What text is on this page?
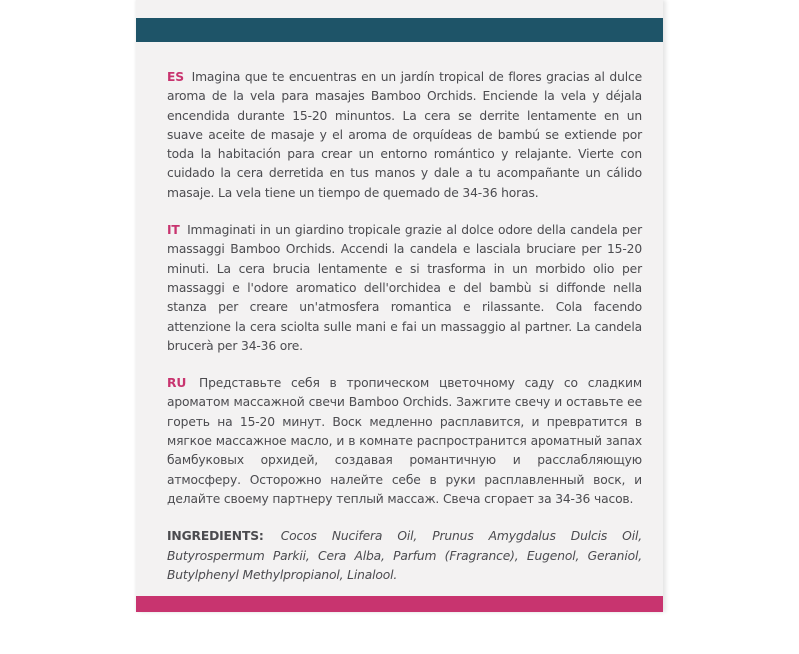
ES Imagina que te encuentras en un jardín tropical de flores gracias al dulce aroma de la vela para masajes Bamboo Orchids. Enciende la vela y déjala encendida durante 15-20 minuntos. La cera se derrite lentamente en un suave aceite de masaje y el aroma de orquídeas de bambú se extiende por toda la habitación para crear un entorno romántico y relajante. Vierte con cuidado la cera derretida en tus manos y dale a tu acompañante un cálido masaje. La vela tiene un tiempo de quemado de 34-36 horas.

IT Immaginati in un giardino tropicale grazie al dolce odore della candela per massaggi Bamboo Orchids. Accendi la candela e lasciala bruciare per 15-20 minuti. La cera brucia lentamente e si trasforma in un morbido olio per massaggi e l'odore aromatico dell'orchidea e del bambù si diffonde nella stanza per creare un'atmosfera romantica e rilassante. Cola facendo attenzione la cera sciolta sulle mani e fai un massaggio al partner. La candela brucerà per 34-36 ore.

RU Представьте себя в тропическом цветочному саду со сладким ароматом массажной свечи Bamboo Orchids. Зажгите свечу и оставьте ее гореть на 15-20 минут. Воск медленно расплавится, и превратится в мягкое массажное масло, и в комнате распространится ароматный запах бамбуковых орхидей, создавая романтичную и расслабляющую атмосферу. Осторожно налейте себе в руки расплавленный воск, и делайте своему партнеру теплый массаж. Свеча сгорает за 34-36 часов.

INGREDIENTS: Cocos Nucifera Oil, Prunus Amygdalus Dulcis Oil, Butyrospermum Parkii, Cera Alba, Parfum (Fragrance), Eugenol, Geraniol, Butylphenyl Methylpropianol, Linalool.
